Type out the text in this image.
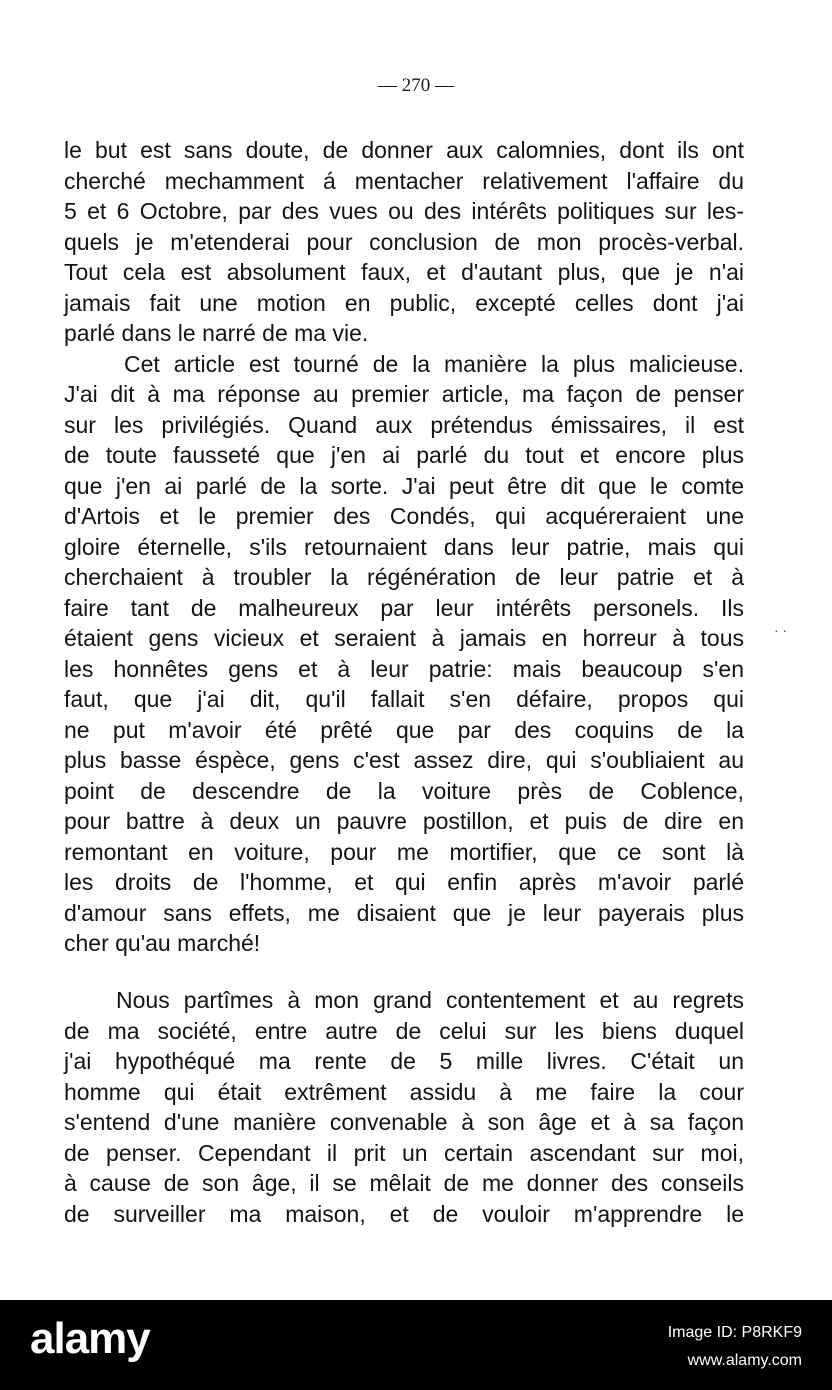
— 270 —
le but est sans doute, de donner aux calomnies, dont ils ont
cherché mechamment á mentacher relativement l'affaire du
5 et 6 Octobre, par des vues ou des intérêts politiques sur les-
quels je m'etenderai pour conclusion de mon procès-verbal.
Tout cela est absolument faux, et d'autant plus, que je n'ai
jamais fait une motion en public, excepté celles dont j'ai
parlé dans le narré de ma vie.
Cet article est tourné de la manière la plus malicieuse.
J'ai dit à ma réponse au premier article, ma façon de penser
sur les privilégiés. Quand aux prétendus émissaires, il est
de toute fausseté que j'en ai parlé du tout et encore plus
que j'en ai parlé de la sorte. J'ai peut être dit que le comte
d'Artois et le premier des Condés, qui acquéreraient une
gloire éternelle, s'ils retournaient dans leur patrie, mais qui
cherchaient à troubler la régénération de leur patrie et à
faire tant de malheureux par leur intérêts personels. Ils
étaient gens vicieux et seraient à jamais en horreur à tous
les honnêtes gens et à leur patrie: mais beaucoup s'en
faut, que j'ai dit, qu'il fallait s'en défaire, propos qui
ne put m'avoir été prêté que par des coquins de la
plus basse éspèce, gens c'est assez dire, qui s'oubliaient au
point de descendre de la voiture près de Coblence,
pour battre à deux un pauvre postillon, et puis de dire en
remontant en voiture, pour me mortifier, que ce sont là
les droits de l'homme, et qui enfin après m'avoir parlé
d'amour sans effets, me disaient que je leur payerais plus
cher qu'au marché!
· ·
Nous partîmes à mon grand contentement et au regrets
de ma société, entre autre de celui sur les biens duquel
j'ai hypothéqué ma rente de 5 mille livres. C'était un
homme qui était extrêment assidu à me faire la cour
s'entend d'une manière convenable à son âge et à sa façon
de penser. Cependant il prit un certain ascendant sur moi,
à cause de son âge, il se mêlait de me donner des conseils
de surveiller ma maison, et de vouloir m'apprendre le
alamy	Image ID: P8RKF9
www.alamy.com
